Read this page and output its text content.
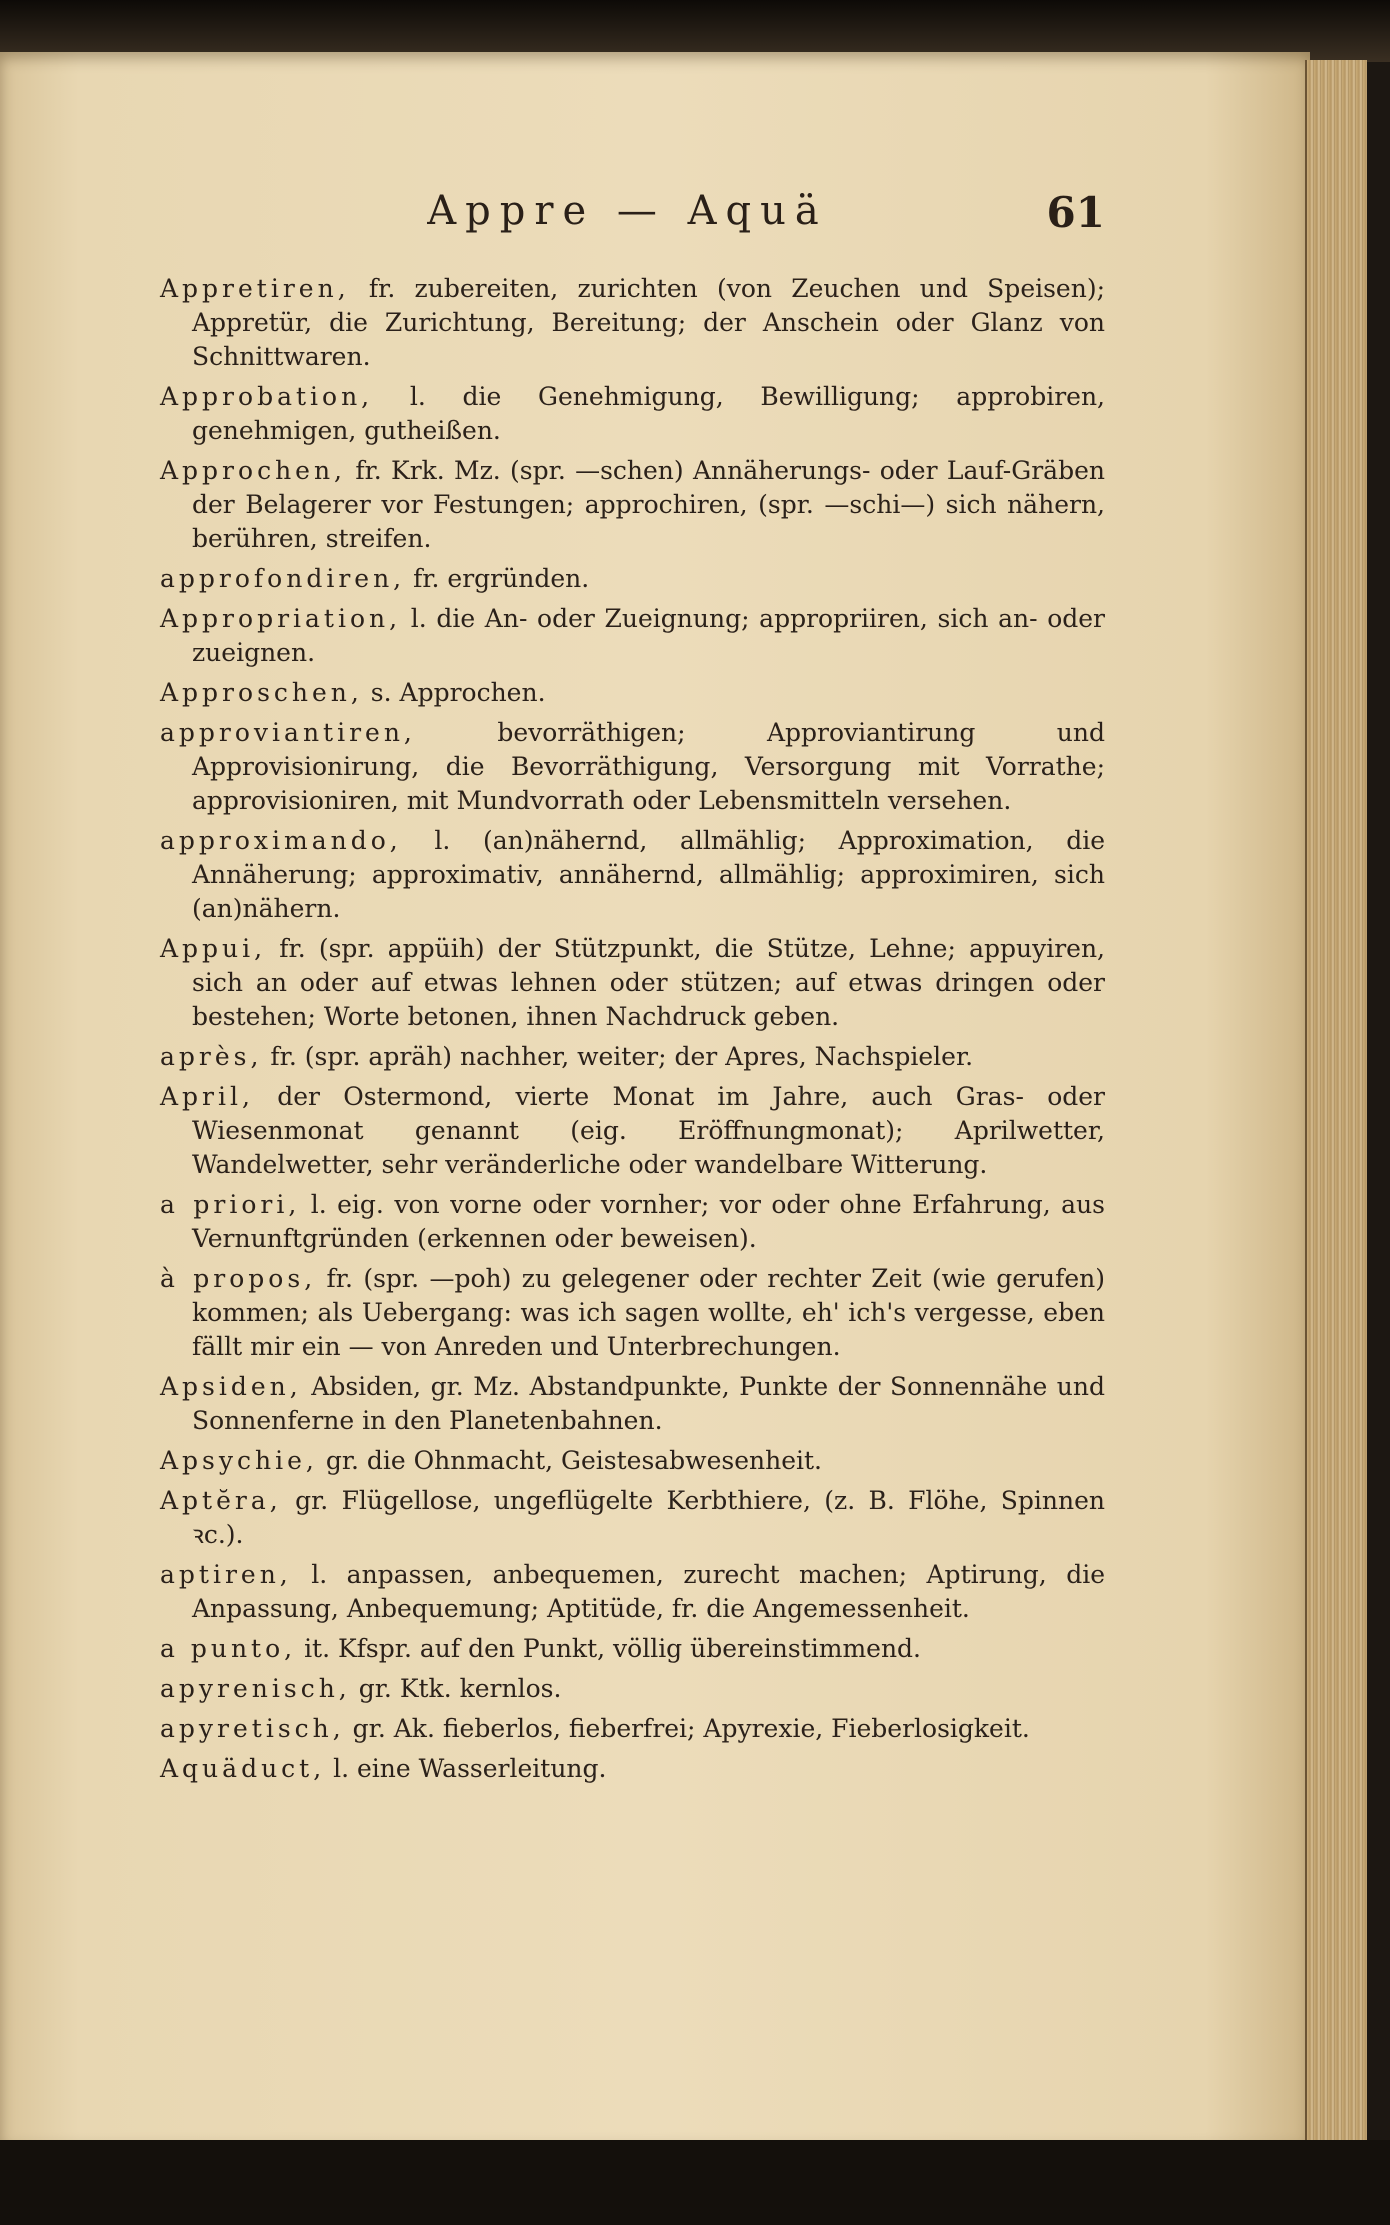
Appre — Aquä	61

Appretiren, fr. zubereiten, zurichten (von Zeuchen und Speisen); Appretür, die Zurichtung, Bereitung; der Anschein oder Glanz von Schnittwaren.

Approbation, l. die Genehmigung, Bewilligung; approbiren, genehmigen, gutheißen.

Approchen, fr. Krk. Mz. (spr. —schen) Annäherungs- oder Lauf-Gräben der Belagerer vor Festungen; approchiren, (spr. —schi—) sich nähern, berühren, streifen.

approfondiren, fr. ergründen.

Appropriation, l. die An- oder Zueignung; appropriiren, sich an- oder zueignen.

Approschen, s. Approchen.

approviantiren,	bevorräthigen; Approviantirung und Approvisionirung, die Bevorräthigung, Versorgung mit Vorrathe; approvisioniren, mit Mundvorrath oder Lebensmitteln versehen.

approximando, l. (an)nähernd, allmählig; Approximation, die Annäherung; approximativ, annähernd, allmählig; approximiren, sich (an)nähern.

Appui, fr. (spr. appüih) der Stützpunkt, die Stütze, Lehne; appuyiren, sich an oder auf etwas lehnen oder stützen; auf etwas dringen oder bestehen; Worte betonen, ihnen Nachdruck geben.

après, fr. (spr. apräh) nachher, weiter; der Apres, Nachspieler.

April, der Ostermond, vierte Monat im Jahre, auch Gras- oder Wiesenmonat genannt (eig. Eröffnungmonat); Aprilwetter, Wandelwetter, sehr veränderliche oder wandelbare Witterung.

a priori, l. eig. von vorne oder vornher; vor oder ohne Erfahrung, aus Vernunftgründen (erkennen oder beweisen).

à propos, fr. (spr. —poh) zu gelegener oder rechter Zeit (wie gerufen) kommen; als Uebergang: was ich sagen wollte, eh' ich's vergesse, eben fällt mir ein — von Anreden und Unterbrechungen.

Apsiden, Absiden, gr. Mz. Abstandpunkte, Punkte der Sonnennähe und Sonnenferne in den Planetenbahnen.

Apsychie, gr. die Ohnmacht, Geistesabwesenheit.

Aptĕra, gr. Flügellose, ungeflügelte Kerbthiere, (z. B. Flöhe, Spinnen ꝛc.).

aptiren, l. anpassen, anbequemen, zurecht machen; Aptirung, die Anpassung, Anbequemung; Aptitüde, fr. die Angemessenheit.

a punto, it. Kfspr. auf den Punkt, völlig übereinstimmend.

apyrenisch, gr. Ktk. kernlos.

apyretisch, gr. Ak. fieberlos, fieberfrei; Apyrexie, Fieberlosigkeit.

Aquäduct, l. eine Wasserleitung.
